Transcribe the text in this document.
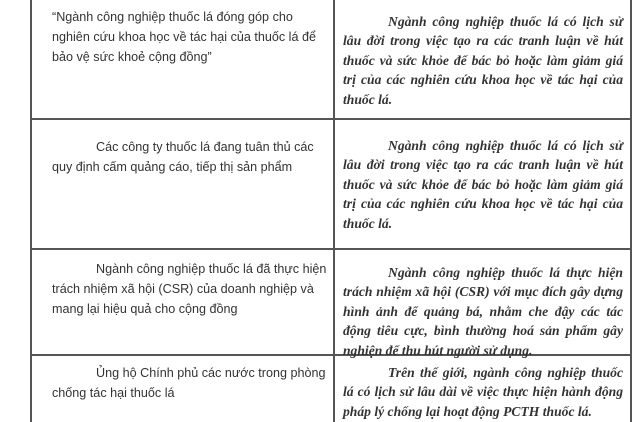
“Ngành công nghiệp thuốc lá đóng góp cho nghiên cứu khoa học về tác hại của thuốc lá để bảo vệ sức khoẻ cộng đồng”
Ngành công nghiệp thuốc lá có lịch sử lâu đời trong việc tạo ra các tranh luận về hút thuốc và sức khỏe để bác bỏ hoặc làm giảm giá trị của các nghiên cứu khoa học về tác hại của thuốc lá.
Các công ty thuốc lá đang tuân thủ các quy định cấm quảng cáo, tiếp thị sản phẩm
Ngành công nghiệp thuốc lá có lịch sử lâu đời trong việc tạo ra các tranh luận về hút thuốc và sức khỏe để bác bỏ hoặc làm giảm giá trị của các nghiên cứu khoa học về tác hại của thuốc lá.
Ngành công nghiệp thuốc lá đã thực hiện trách nhiệm xã hội (CSR) của doanh nghiệp và mang lại hiệu quả cho cộng đồng
Ngành công nghiệp thuốc lá thực hiện trách nhiệm xã hội (CSR) với mục đích gây dựng hình ảnh để quảng bá, nhằm che đậy các tác động tiêu cực, bình thường hoá sản phẩm gây nghiện để thu hút người sử dụng.
Ủng hộ Chính phủ các nước trong phòng chống tác hại thuốc lá
Trên thế giới, ngành công nghiệp thuốc lá có lịch sử lâu dài về việc thực hiện hành động pháp lý chống lại hoạt động PCTH thuốc lá.
